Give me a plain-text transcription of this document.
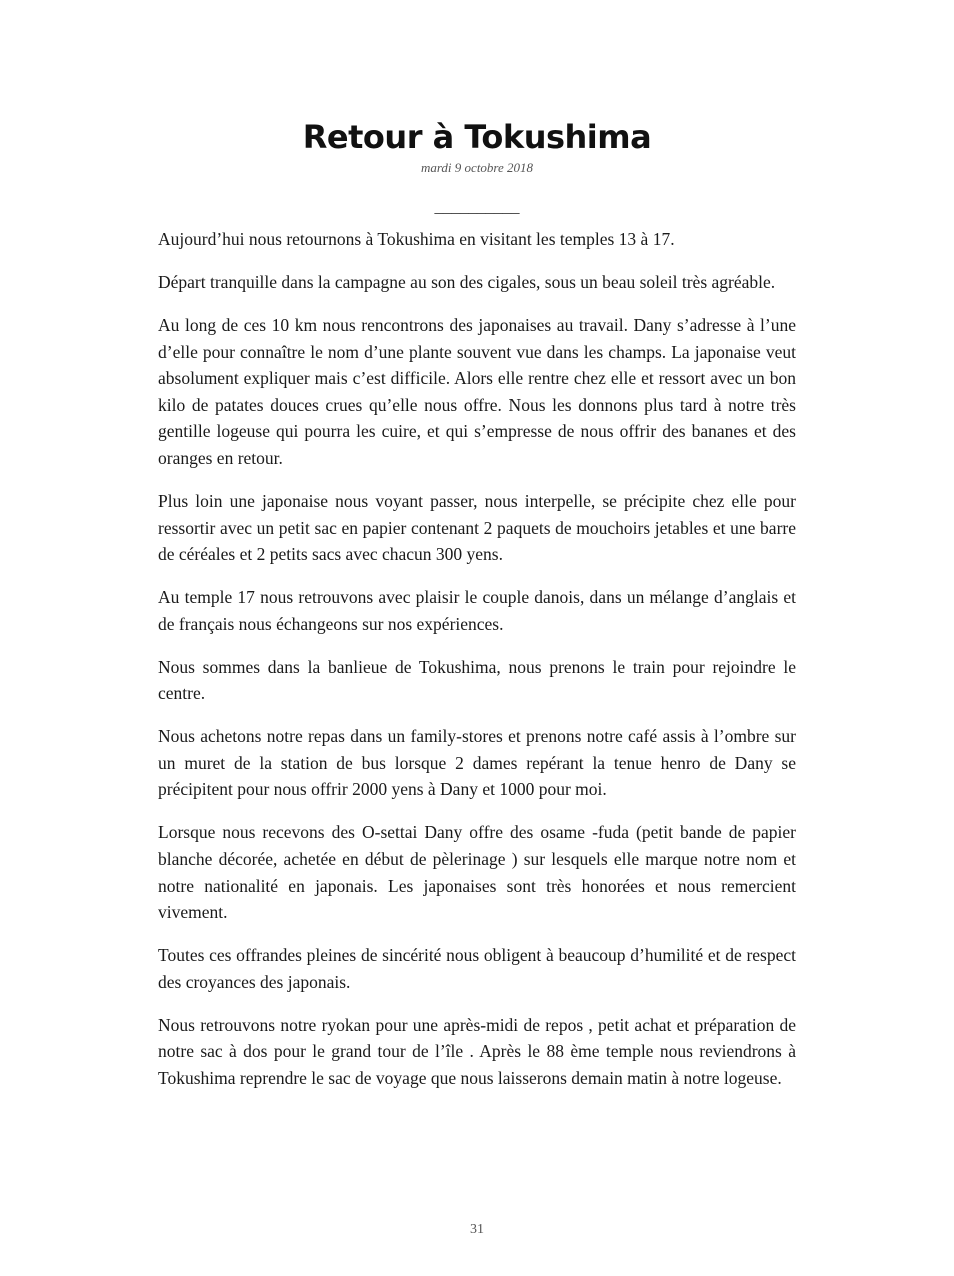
Retour à Tokushima
mardi 9 octobre 2018
__________

Aujourd’hui nous retournons à Tokushima en visitant les temples 13 à 17.

Départ tranquille dans la campagne au son des cigales, sous un beau soleil très agréable.

Au long de ces 10 km nous rencontrons des japonaises au travail. Dany s’adresse à l’une d’elle pour connaître le nom d’une plante souvent vue dans les champs. La japonaise veut absolument expliquer mais c’est difficile. Alors elle rentre chez elle et ressort avec un bon kilo de patates douces crues qu’elle nous offre. Nous les donnons plus tard à notre très gentille logeuse qui pourra les cuire, et qui s’empresse de nous offrir des bananes et des oranges en retour.

Plus loin une japonaise nous voyant passer, nous interpelle, se précipite chez elle pour ressortir avec un petit sac en papier contenant 2 paquets de mouchoirs jetables et une barre de céréales et 2 petits sacs avec chacun 300 yens.

Au temple 17 nous retrouvons avec plaisir le couple danois, dans un mélange d’anglais et de français nous échangeons sur nos expériences.

Nous sommes dans la banlieue de Tokushima, nous prenons le train pour rejoindre le centre.

Nous achetons notre repas dans un family-stores et prenons notre café assis à l’ombre sur un muret de la station de bus lorsque 2 dames repérant la tenue henro de Dany se précipitent pour nous offrir 2000 yens à Dany et 1000 pour moi.

Lorsque nous recevons des O-settai Dany offre des osame -fuda (petit bande de papier blanche décorée, achetée en début de pèlerinage ) sur lesquels elle marque notre nom et notre nationalité en japonais. Les japonaises sont très honorées et nous remercient vivement.

Toutes ces offrandes pleines de sincérité nous obligent à beaucoup d’humilité et de respect des croyances des japonais.

Nous retrouvons notre ryokan pour une après-midi de repos , petit achat et préparation de notre sac à dos pour le grand tour de l’île . Après le 88 ème temple nous reviendrons à Tokushima reprendre le sac de voyage que nous laisserons demain matin à notre logeuse.

31
